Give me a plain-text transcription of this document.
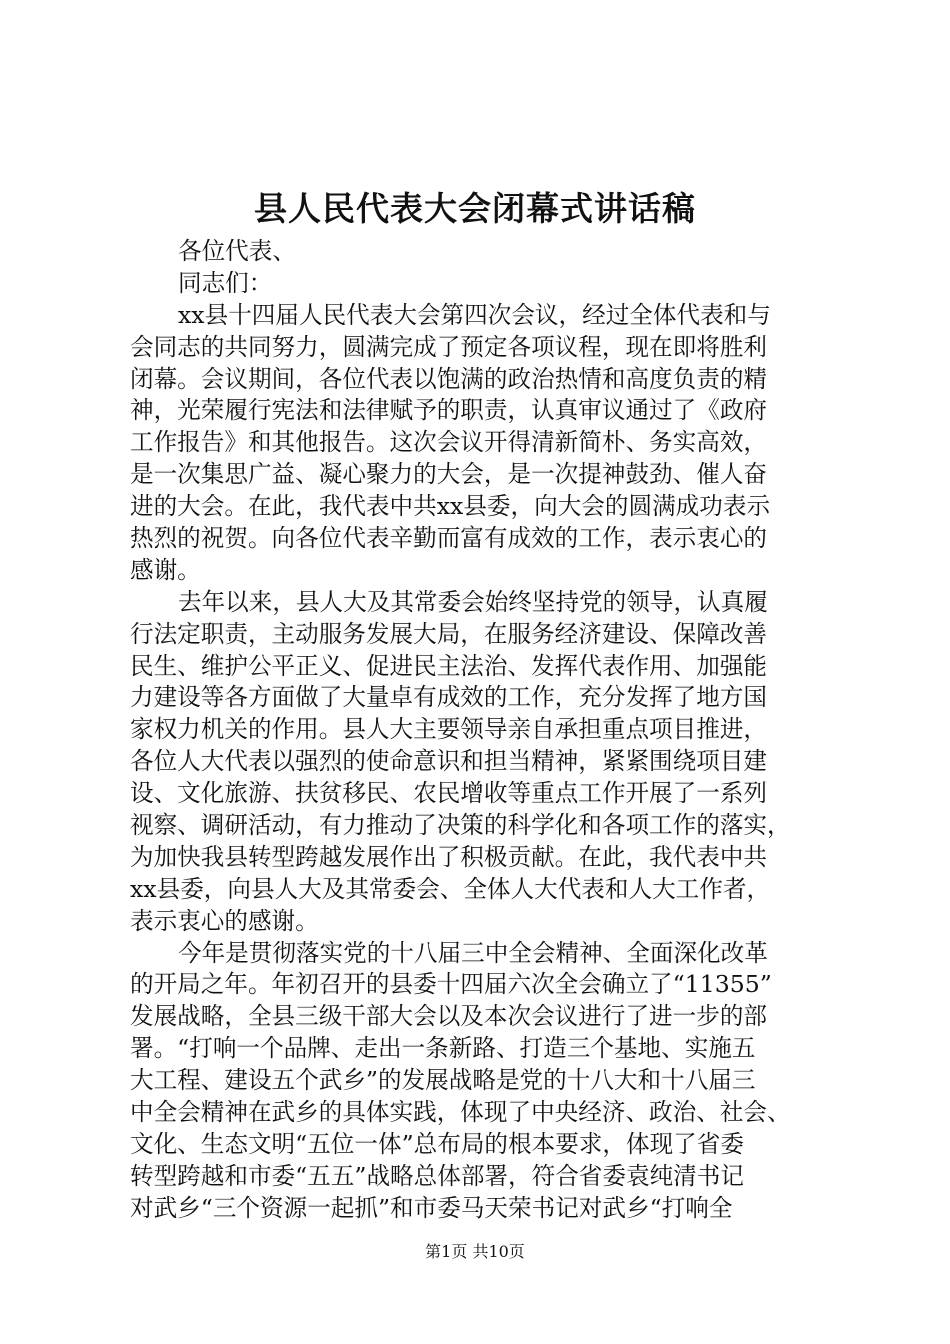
县人民代表大会闭幕式讲话稿
各位代表、
同志们：
xx县十四届人民代表大会第四次会议，经过全体代表和与
会同志的共同努力，圆满完成了预定各项议程，现在即将胜利
闭幕。会议期间，各位代表以饱满的政治热情和高度负责的精
神，光荣履行宪法和法律赋予的职责，认真审议通过了《政府
工作报告》和其他报告。这次会议开得清新简朴、务实高效，
是一次集思广益、凝心聚力的大会，是一次提神鼓劲、催人奋
进的大会。在此，我代表中共xx县委，向大会的圆满成功表示
热烈的祝贺。向各位代表辛勤而富有成效的工作，表示衷心的
感谢。
去年以来，县人大及其常委会始终坚持党的领导，认真履
行法定职责，主动服务发展大局，在服务经济建设、保障改善
民生、维护公平正义、促进民主法治、发挥代表作用、加强能
力建设等各方面做了大量卓有成效的工作，充分发挥了地方国
家权力机关的作用。县人大主要领导亲自承担重点项目推进，
各位人大代表以强烈的使命意识和担当精神，紧紧围绕项目建
设、文化旅游、扶贫移民、农民增收等重点工作开展了一系列
视察、调研活动，有力推动了决策的科学化和各项工作的落实，
为加快我县转型跨越发展作出了积极贡献。在此，我代表中共
xx县委，向县人大及其常委会、全体人大代表和人大工作者，
表示衷心的感谢。
今年是贯彻落实党的十八届三中全会精神、全面深化改革
的开局之年。年初召开的县委十四届六次全会确立了“11355”
发展战略，全县三级干部大会以及本次会议进行了进一步的部
署。“打响一个品牌、走出一条新路、打造三个基地、实施五
大工程、建设五个武乡”的发展战略是党的十八大和十八届三
中全会精神在武乡的具体实践，体现了中央经济、政治、社会、
文化、生态文明“五位一体”总布局的根本要求，体现了省委
转型跨越和市委“五五”战略总体部署，符合省委袁纯清书记
对武乡“三个资源一起抓”和市委马天荣书记对武乡“打响全
第1页 共10页
